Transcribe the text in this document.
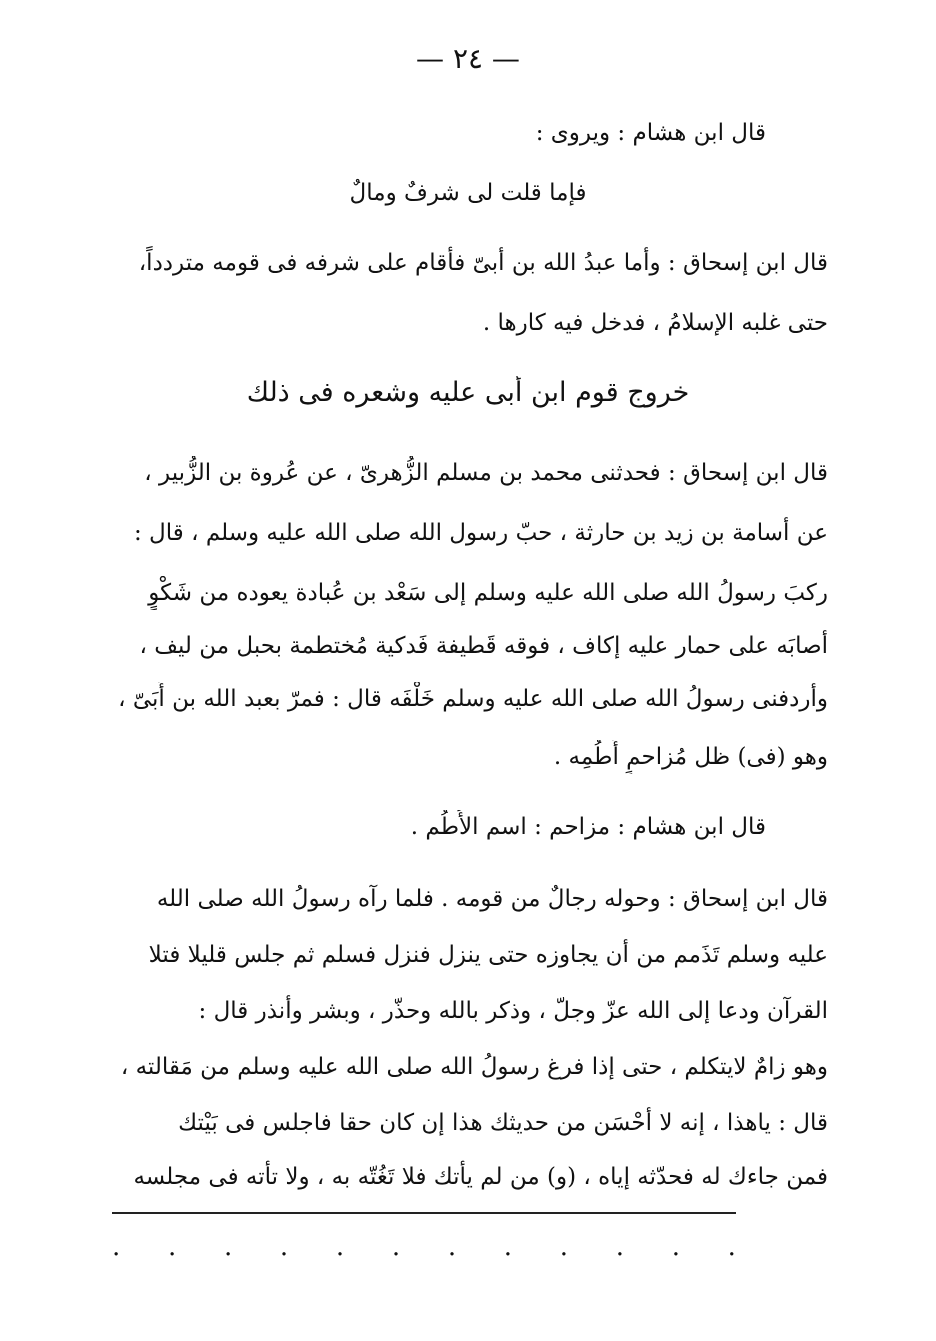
— ٢٤ —
قال ابن هشام : ويروى :
فإما قلت لى شرفٌ ومالٌ
قال ابن إسحاق : وأما عبدُ الله بن أبىّ فأقام على شرفه فى قومه متردداً،
حتى غلبه الإسلامُ ، فدخل فيه كارها .
خروج قوم ابن أبى عليه وشعره فى ذلك
قال ابن إسحاق : فحدثنى محمد بن مسلم الزُّهرىّ ، عن عُروة بن الزُّبير ،
عن أسامة بن زيد بن حارثة ، حبّ رسول الله صلى الله عليه وسلم ، قال :
ركبَ رسولُ الله صلى الله عليه وسلم إلى سَعْد بن عُبادة يعوده من شَكْوٍ
أصابَه على حمار عليه إكاف ، فوقه قَطيفة فَدكية مُختطمة بحبل من ليف ،
وأردفنى رسولُ الله صلى الله عليه وسلم خَلْفَه قال : فمرّ بعبد الله بن أُبَىّ ،
وهو (فى) ظل مُزاحمٍ أُطُمِه .
قال ابن هشام : مزاحم : اسم الأُطُم .
قال ابن إسحاق : وحوله رجالٌ من قومه . فلما رآه رسولُ الله صلى الله
عليه وسلم تَذَمم من أن يجاوزه حتى ينزل فنزل فسلم ثم جلس قليلا فتلا
القرآن ودعا إلى الله عزّ وجلّ ، وذكر بالله وحذّر ، وبشر وأنذر قال :
وهو زامٌ لايتكلم ، حتى إذا فرغ رسولُ الله صلى الله عليه وسلم من مَقالته ،
قال : ياهذا ، إنه لا أحْسَن من حديثك هذا إن كان حقا فاجلس فى بَيْتك
فمن جاءك له فحدّثه إياه ، (و) من لم يأتك فلا تَغُتّه به ، ولا تأته فى مجلسه
. . . . . . . . . . . .
